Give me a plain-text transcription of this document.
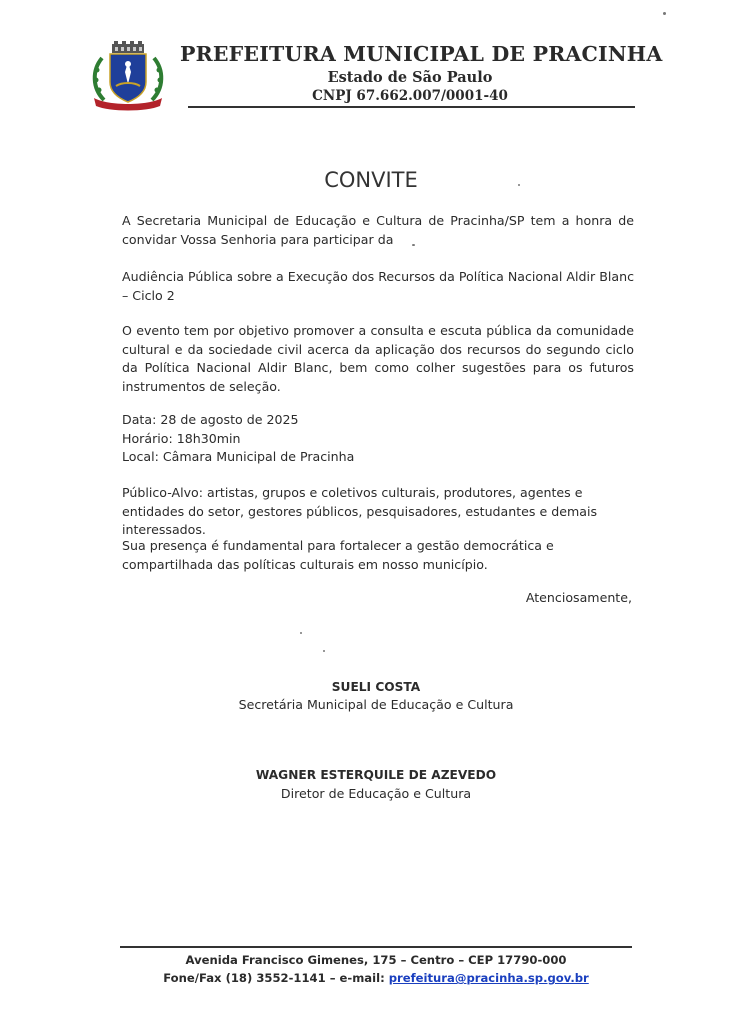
PREFEITURA MUNICIPAL DE PRACINHA
Estado de São Paulo
CNPJ 67.662.007/0001-40
CONVITE
A Secretaria Municipal de Educação e Cultura de Pracinha/SP tem a honra de convidar Vossa Senhoria para participar da
Audiência Pública sobre a Execução dos Recursos da Política Nacional Aldir Blanc – Ciclo 2
O evento tem por objetivo promover a consulta e escuta pública da comunidade cultural e da sociedade civil acerca da aplicação dos recursos do segundo ciclo da Política Nacional Aldir Blanc, bem como colher sugestões para os futuros instrumentos de seleção.
Data: 28 de agosto de 2025
Horário: 18h30min
Local: Câmara Municipal de Pracinha
Público-Alvo: artistas, grupos e coletivos culturais, produtores, agentes e entidades do setor, gestores públicos, pesquisadores, estudantes e demais interessados.
Sua presença é fundamental para fortalecer a gestão democrática e compartilhada das políticas culturais em nosso município.
Atenciosamente,
SUELI COSTA
Secretária Municipal de Educação e Cultura
WAGNER ESTERQUILE DE AZEVEDO
Diretor de Educação e Cultura
Avenida Francisco Gimenes, 175 – Centro – CEP 17790-000
Fone/Fax (18) 3552-1141 – e-mail: prefeitura@pracinha.sp.gov.br
